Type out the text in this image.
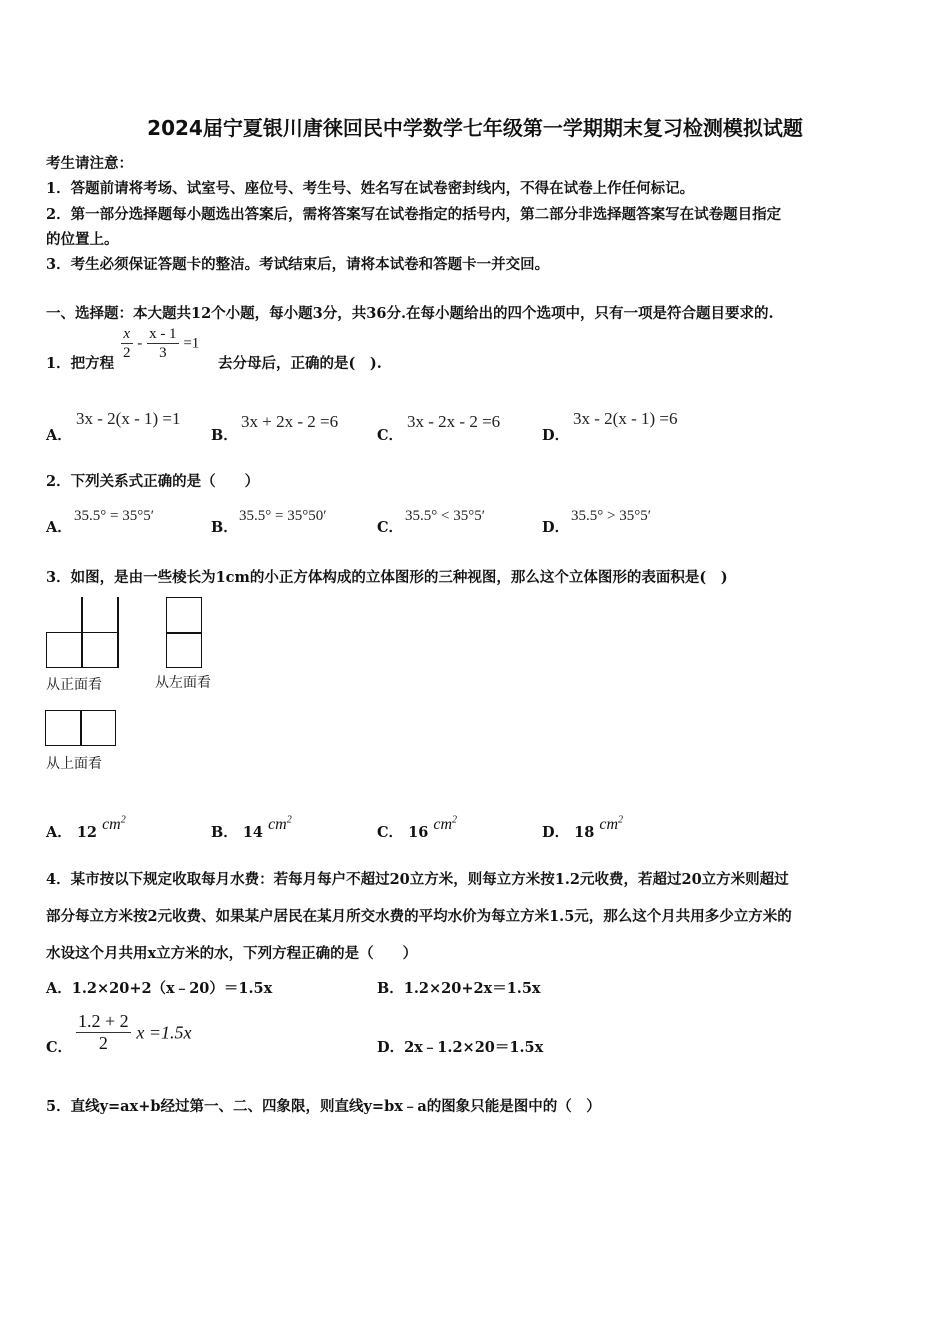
2024届宁夏银川唐徕回民中学数学七年级第一学期期末复习检测模拟试题
考生请注意：
1．答题前请将考场、试室号、座位号、考生号、姓名写在试卷密封线内，不得在试卷上作任何标记。
2．第一部分选择题每小题选出答案后，需将答案写在试卷指定的括号内，第二部分非选择题答案写在试卷题目指定
的位置上。
3．考生必须保证答题卡的整洁。考试结束后，请将本试卷和答题卡一并交回。
一、选择题：本大题共12个小题，每小题3分，共36分.在每小题给出的四个选项中，只有一项是符合题目要求的.
1．把方程
$\frac{x}{2} - \frac{x - 1}{3} =1$
去分母后，正确的是(　).
A．
3x - 2(x - 1) =1
B．
3x + 2x - 2 =6
C．
3x - 2x - 2 =6
D．
3x - 2(x - 1) =6
2．下列关系式正确的是（　　）
A．
35.5° = 35°5′
B．
35.5° = 35°50′
C．
35.5° < 35°5′
D．
35.5° > 35°5′
3．如图，是由一些棱长为1cm的小正方体构成的立体图形的三种视图，那么这个立体图形的表面积是(　)
从正面看	从左面看
从上面看
A． 12 $cm^2$
B． 14 $cm^2$
C． 16 $cm^2$
D． 18 $cm^2$
4．某市按以下规定收取每月水费：若每月每户不超过20立方米，则每立方米按1.2元收费，若超过20立方米则超过
部分每立方米按2元收费、如果某户居民在某月所交水费的平均水价为每立方米1.5元，那么这个月共用多少立方米的
水设这个月共用x立方米的水，下列方程正确的是（　　）
A．1.2×20+2（x﹣20）＝1.5x	B．1.2×20+2x＝1.5x
C． $\frac{1.2 + 2}{2}$ x =1.5x
D．2x﹣1.2×20＝1.5x
5．直线y=ax+b经过第一、二、四象限，则直线y=bx﹣a的图象只能是图中的（　）
